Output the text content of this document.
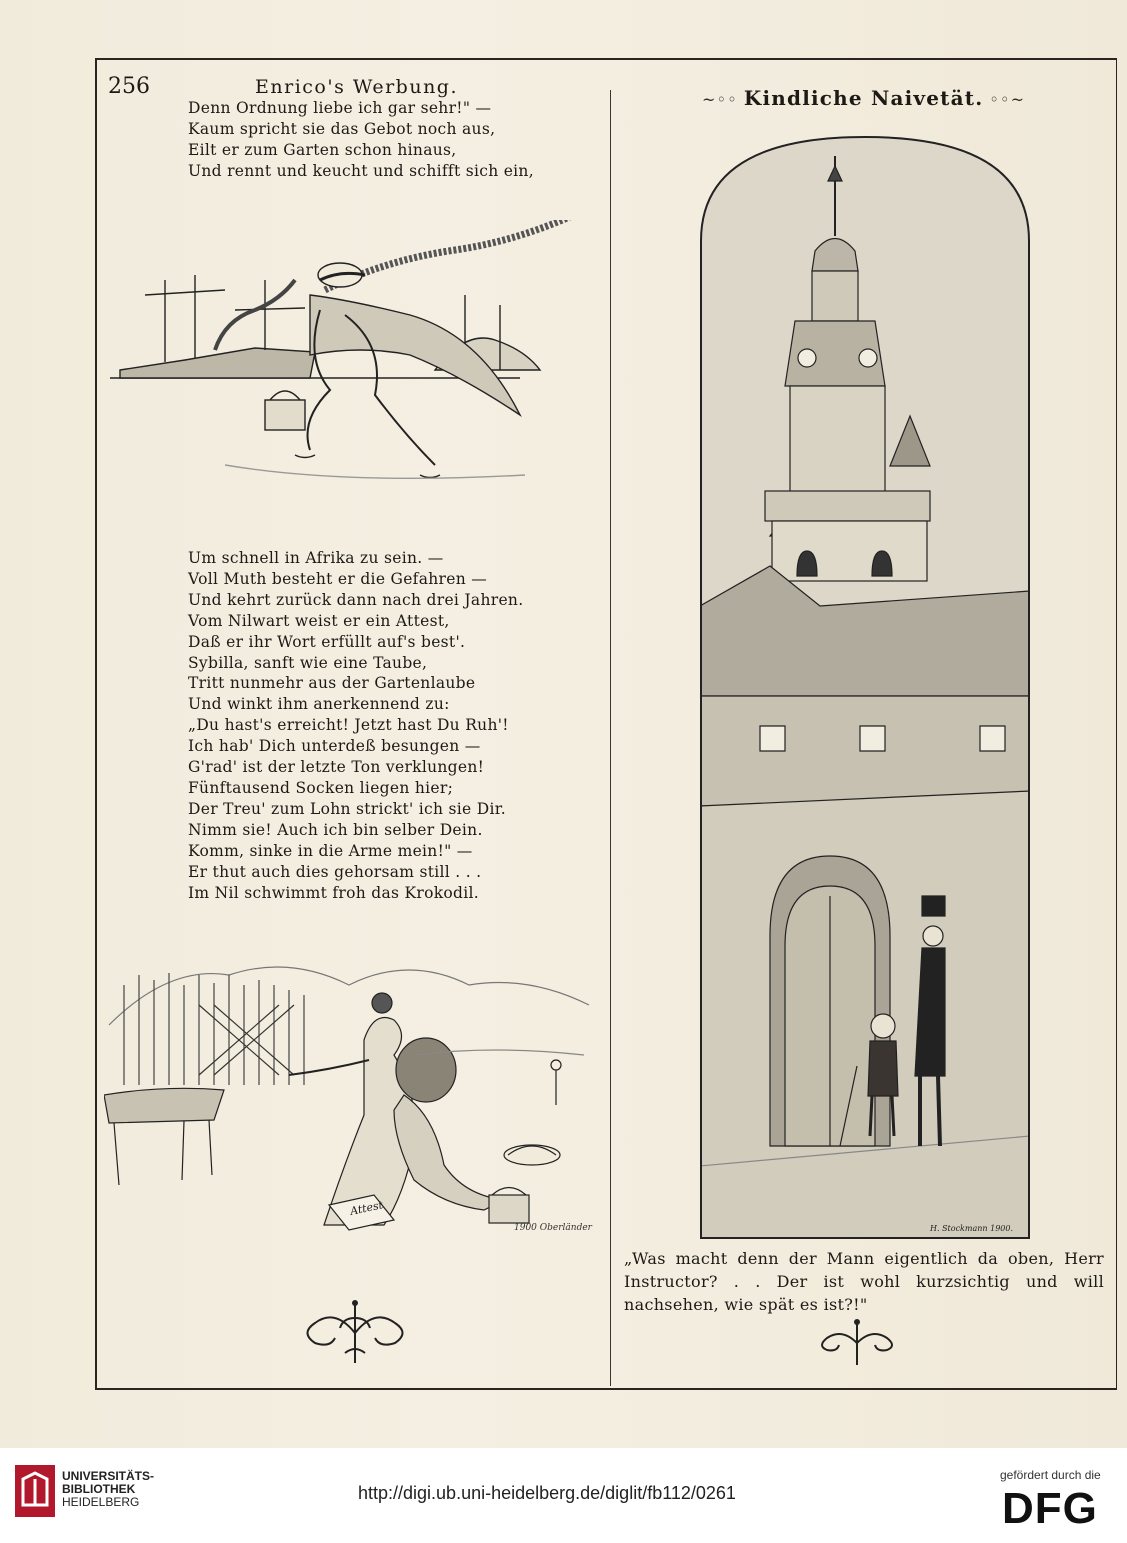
256	Enrico's Werbung.
~◦◦ Kindliche Naivetät. ◦◦~
Denn Ordnung liebe ich gar sehr!" —
Kaum spricht sie das Gebot noch aus,
Eilt er zum Garten schon hinaus,
Und rennt und keucht und schifft sich ein,
Um schnell in Afrika zu sein. —
Voll Muth besteht er die Gefahren —
Und kehrt zurück dann nach drei Jahren.
Vom Nilwart weist er ein Attest,
Daß er ihr Wort erfüllt auf's best'.
Sybilla, sanft wie eine Taube,
Tritt nunmehr aus der Gartenlaube
Und winkt ihm anerkennend zu:
„Du hast's erreicht! Jetzt hast Du Ruh'!
Ich hab' Dich unterdeß besungen —
G'rad' ist der letzte Ton verklungen!
Fünftausend Socken liegen hier;
Der Treu' zum Lohn strickt' ich sie Dir.
Nimm sie! Auch ich bin selber Dein.
Komm, sinke in die Arme mein!" —
Er thut auch dies gehorsam still . . .
Im Nil schwimmt froh das Krokodil.
Attest
1900 Oberländer	H. Stockmann 1900.

„Was macht denn der Mann eigentlich da oben, Herr Instructor? . . Der ist wohl kurzsichtig und will nachsehen, wie spät es ist?!"

UNIVERSITÄTS-
BIBLIOTHEK
HEIDELBERG	http://digi.ub.uni-heidelberg.de/diglit/fb112/0261
gefördert durch die
DFG
